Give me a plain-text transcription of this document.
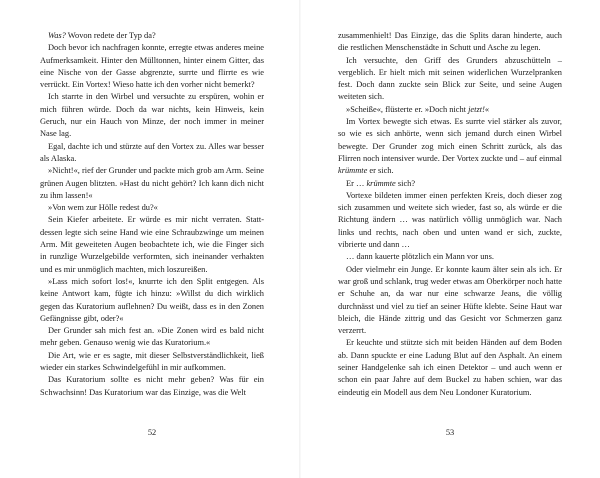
Was? Wovon redete der Typ da?

Doch bevor ich nachfragen konnte, erregte etwas anderes meine Aufmerksamkeit. Hinter den Mülltonnen, hinter einem Gitter, das eine Nische von der Gasse abgrenzte, surrte und flirrte es wie verrückt. Ein Vortex! Wieso hatte ich den vorher nicht bemerkt?

Ich starrte in den Wirbel und versuchte zu erspüren, wohin er mich führen würde. Doch da war nichts, kein Hinweis, kein Geruch, nur ein Hauch von Minze, der noch immer in meiner Nase lag.

Egal, dachte ich und stürzte auf den Vortex zu. Alles war besser als Alaska.

»Nicht!«, rief der Grunder und packte mich grob am Arm. Seine grünen Augen blitzten. »Hast du nicht gehört? Ich kann dich nicht zu ihm lassen!«

»Von wem zur Hölle redest du?«

Sein Kiefer arbeitete. Er würde es mir nicht verraten. Stattdessen legte sich seine Hand wie eine Schraubzwinge um meinen Arm. Mit geweiteten Augen beobachtete ich, wie die Finger sich in runzlige Wurzelgebilde verformten, sich ineinander verhakten und es mir unmöglich machten, mich loszureißen.

»Lass mich sofort los!«, knurrte ich den Split entgegen. Als keine Antwort kam, fügte ich hinzu: »Willst du dich wirklich gegen das Kuratorium auflehnen? Du weißt, dass es in den Zonen Gefängnisse gibt, oder?«

Der Grunder sah mich fest an. »Die Zonen wird es bald nicht mehr geben. Genauso wenig wie das Kuratorium.«

Die Art, wie er es sagte, mit dieser Selbstverständlichkeit, ließ wieder ein starkes Schwindelgefühl in mir aufkommen.

Das Kuratorium sollte es nicht mehr geben? Was für ein Schwachsinn! Das Kuratorium war das Einzige, was die Welt

zusammenhielt! Das Einzige, das die Splits daran hinderte, auch die restlichen Menschenstädte in Schutt und Asche zu legen.

Ich versuchte, den Griff des Grunders abzuschütteln – vergeblich. Er hielt mich mit seinen widerlichen Wurzelpranken fest. Doch dann zuckte sein Blick zur Seite, und seine Augen weiteten sich.

»Scheiße«, flüsterte er. »Doch nicht jetzt!«

Im Vortex bewegte sich etwas. Es surrte viel stärker als zuvor, so wie es sich anhörte, wenn sich jemand durch einen Wirbel bewegte. Der Grunder zog mich einen Schritt zurück, als das Flirren noch intensiver wurde. Der Vortex zuckte und – auf einmal krümmte er sich.

Er … krümmte sich?

Vortexe bildeten immer einen perfekten Kreis, doch dieser zog sich zusammen und weitete sich wieder, fast so, als würde er die Richtung ändern … was natürlich völlig unmöglich war. Nach links und rechts, nach oben und unten wand er sich, zuckte, vibrierte und dann …

… dann kauerte plötzlich ein Mann vor uns.

Oder vielmehr ein Junge. Er konnte kaum älter sein als ich. Er war groß und schlank, trug weder etwas am Oberkörper noch hatte er Schuhe an, da war nur eine schwarze Jeans, die völlig durchnässt und viel zu tief an seiner Hüfte klebte. Seine Haut war bleich, die Hände zittrig und das Gesicht vor Schmerzen ganz verzerrt.

Er keuchte und stützte sich mit beiden Händen auf dem Boden ab. Dann spuckte er eine Ladung Blut auf den Asphalt. An einem seiner Handgelenke sah ich einen Detektor – und auch wenn er schon ein paar Jahre auf dem Buckel zu haben schien, war das eindeutig ein Modell aus dem Neu Londoner Kuratorium.

52	53
